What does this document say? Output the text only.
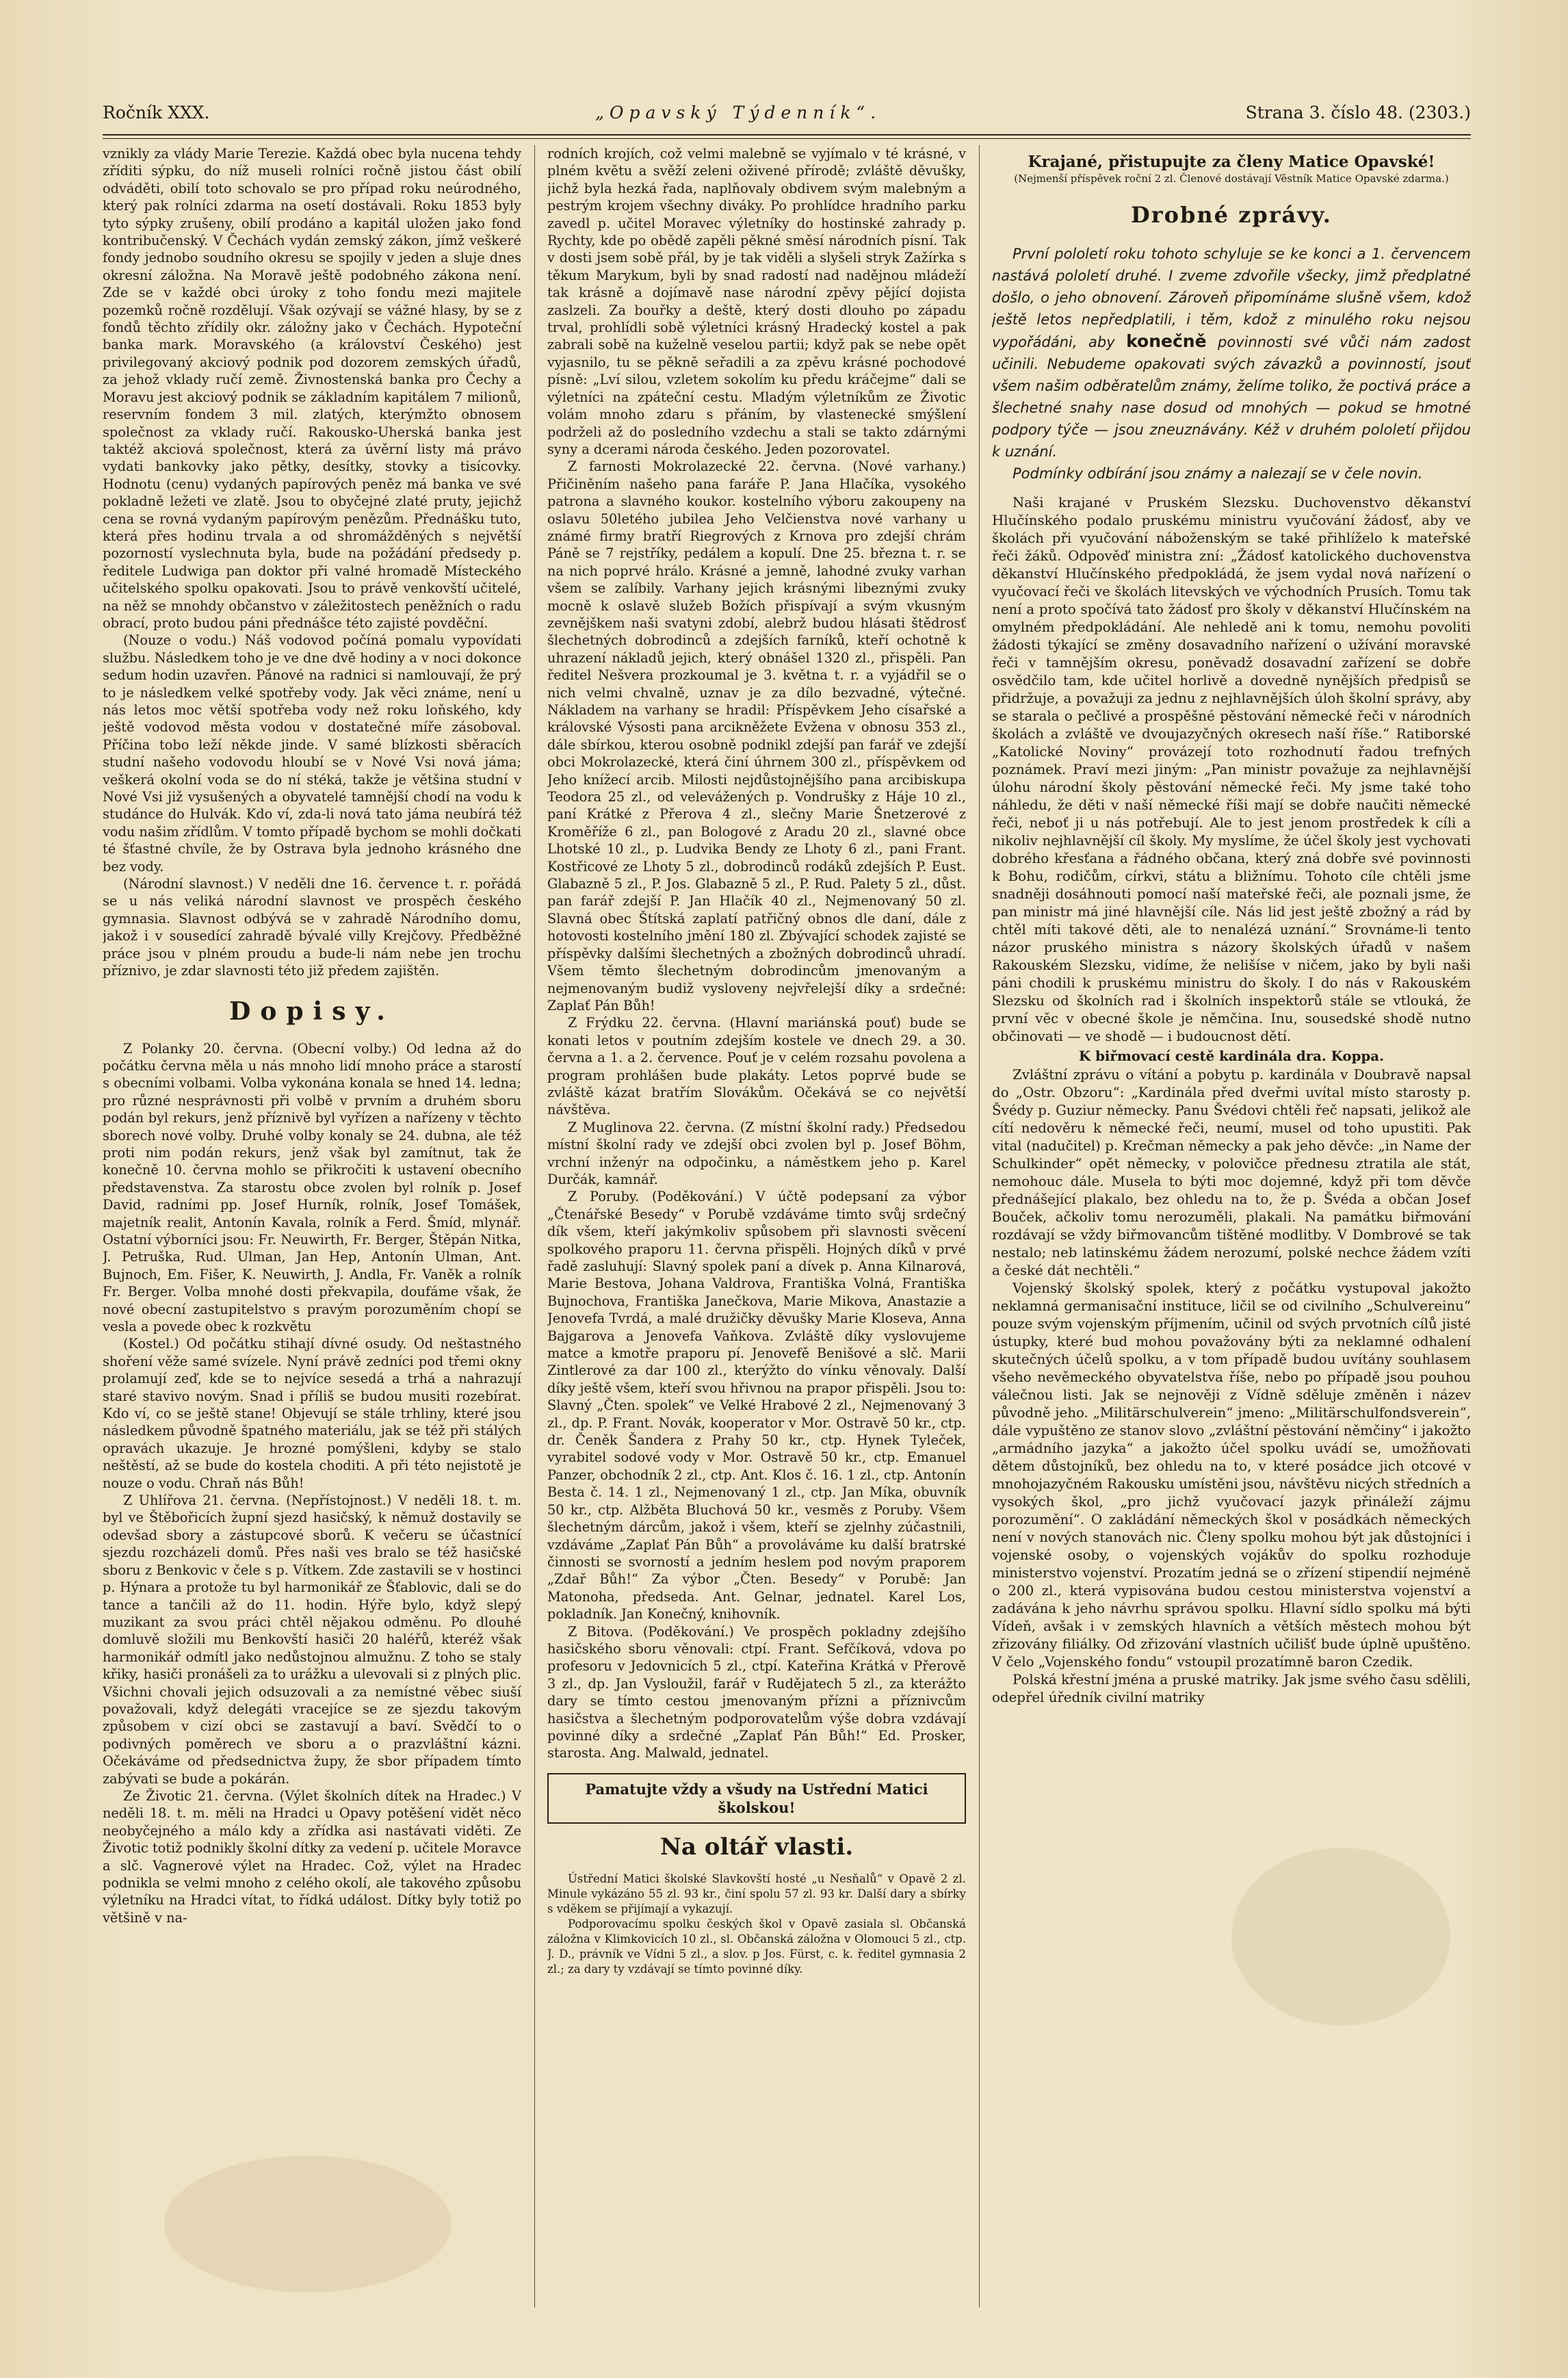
Ročník XXX.	„Opavský Týdenník“.	Strana 3. číslo 48. (2303.)

vznikly za vlády Marie Terezie. Každá obec byla nucena tehdy zříditi sýpku, do níž museli rolníci ročně jistou část obilí odváděti, obilí toto schovalo se pro případ roku neúrodného, který pak rolníci zdarma na osetí dostávali. Roku 1853 byly tyto sýpky zrušeny, obilí prodáno a kapitál uložen jako fond kontribučenský. V Čechách vydán zemský zákon, jímž veškeré fondy jednobo soudního okresu se spojily v jeden a sluje dnes okresní záložna. Na Moravě ještě podobného zákona není. Zde se v každé obci úroky z toho fondu mezi majitele pozemků ročně rozdělují. Však ozývají se vážné hlasy, by se z fondů těchto zřídily okr. záložny jako v Čechách. Hypoteční banka mark. Moravského (a království Českého) jest privilegovaný akciový podnik pod dozorem zemských úřadů, za jehož vklady ručí země. Živnostenská banka pro Čechy a Moravu jest akciový podnik se základním kapitálem 7 milionů, reservním fondem 3 mil. zlatých, kterýmžto obnosem společnost za vklady ručí. Rakousko-Uherská banka jest taktéž akciová společnost, která za úvěrní listy má právo vydati bankovky jako pětky, desítky, stovky a tisícovky. Hodnotu (cenu) vydaných papírových peněz má banka ve své pokladně ležeti ve zlatě. Jsou to obyčejné zlaté pruty, jejichž cena se rovná vydaným papírovým penězům. Přednášku tuto, která přes hodinu trvala a od shromážděných s největší pozorností vyslechnuta byla, bude na požádání předsedy p. ředitele Ludwiga pan doktor při valné hromadě Místeckého učitelského spolku opakovati. Jsou to právě venkovští učitelé, na něž se mnohdy občanstvo v záležitostech peněžních o radu obrací, proto budou páni přednášce této zajisté povděční.

(Nouze o vodu.) Náš vodovod počíná pomalu vypovídati službu. Následkem toho je ve dne dvě hodiny a v noci dokonce sedum hodin uzavřen. Pánové na radnici si namlouvají, že prý to je následkem velké spotřeby vody. Jak věci známe, není u nás letos moc větší spotřeba vody než roku loňského, kdy ještě vodovod města vodou v dostatečné míře zásoboval. Příčina tobo leží někde jinde. V samé blízkosti sběracích studní našeho vodovodu hloubí se v Nové Vsi nová jáma; veškerá okolní voda se do ní stéká, takže je většina studní v Nové Vsi již vysušených a obyvatelé tamnější chodí na vodu k studánce do Hulvák. Kdo ví, zda-li nová tato jáma neubírá též vodu našim zřídlům. V tomto případě bychom se mohli dočkati té šťastné chvíle, že by Ostrava byla jednoho krásného dne bez vody.

(Národní slavnost.) V neděli dne 16. července t. r. pořádá se u nás veliká národní slavnost ve prospěch českého gymnasia. Slavnost odbývá se v zahradě Národního domu, jakož i v sousedící zahradě bývalé villy Krejčovy. Předběžné práce jsou v plném proudu a bude-li nám nebe jen trochu příznivo, je zdar slavnosti této již předem zajištěn.

Dopisy.

Z Polanky 20. června. (Obecní volby.) Od ledna až do počátku června měla u nás mnoho lidí mnoho práce a starostí s obecními volbami. Volba vykonána konala se hned 14. ledna; pro různé nesprávnosti při volbě v prvním a druhém sboru podán byl rekurs, jenž příznivě byl vyřízen a nařízeny v těchto sborech nové volby. Druhé volby konaly se 24. dubna, ale též proti nim podán rekurs, jenž však byl zamítnut, tak že konečně 10. června mohlo se přikročiti k ustavení obecního představenstva. Za starostu obce zvolen byl rolník p. Josef David, radními pp. Josef Hurník, rolník, Josef Tomášek, majetník realit, Antonín Kavala, rolník a Ferd. Šmíd, mlynář. Ostatní výborníci jsou: Fr. Neuwirth, Fr. Berger, Štěpán Nitka, J. Petruška, Rud. Ulman, Jan Hep, Antonín Ulman, Ant. Bujnoch, Em. Fišer, K. Neuwirth, J. Andla, Fr. Vaněk a rolník Fr. Berger. Volba mnohé dosti překvapila, doufáme však, že nové obecní zastupitelstvo s pravým porozuměním chopí se vesla a povede obec k rozkvětu

(Kostel.) Od počátku stihají dívné osudy. Od neštastného shoření věže samé svízele. Nyní právě zedníci pod třemi okny prolamují zeď, kde se to nejvíce sesedá a trhá a nahrazují staré stavivo novým. Snad i příliš se budou musiti rozebírat. Kdo ví, co se ještě stane! Objevují se stále trhliny, které jsou následkem původně špatného materiálu, jak se též při stálých opravách ukazuje. Je hrozné pomýšleni, kdyby se stalo neštěstí, až se bude do kostela choditi. A při této nejistotě je nouze o vodu. Chraň nás Bůh!

Z Uhlířova 21. června. (Nepřístojnost.) V neděli 18. t. m. byl ve Štěbořicích župní sjezd hasičský, k němuž dostavily se odevšad sbory a zástupcové sborů. K večeru se účastnící sjezdu rozcházeli domů. Přes naši ves bralo se též hasičské sboru z Benkovic v čele s p. Vítkem. Zde zastavili se v hostinci p. Hýnara a protože tu byl harmonikář ze Šťablovic, dali se do tance a tančili až do 11. hodin. Hýře bylo, když slepý muzikant za svou práci chtěl nějakou odměnu. Po dlouhé domluvě složili mu Benkovští hasiči 20 haléřů, kteréž však harmonikář odmítl jako nedůstojnou almužnu. Z toho se staly křiky, hasiči pronášeli za to urážku a ulevovali si z plných plic. Všichni chovali jejich odsuzovali a za nemístné věbec siuší považovali, když delegáti vracejíce se ze sjezdu takovým způsobem v cizí obci se zastavují a baví. Svědčí to o podivných poměrech ve sboru a o prazvláštní kázni. Očekáváme od předsednictva župy, že sbor případem tímto zabývati se bude a pokárán.

Ze Životic 21. června. (Výlet školních dítek na Hradec.) V neděli 18. t. m. měli na Hradci u Opavy potěšení vidět něco neobyčejného a málo kdy a zřídka asi nastávati viděti. Ze Životic totiž podnikly školní dítky za vedení p. učitele Moravce a slč. Vagnerové výlet na Hradec. Což, výlet na Hradec podnikla se velmi mnoho z celého okolí, ale takového způsobu výletníku na Hradci vítat, to řídká událost. Dítky byly totiž po většině v na-

rodních krojích, což velmi malebně se vyjímalo v té krásné, v plném květu a svěží zeleni oživené přírodě; zvláště děvušky, jichž byla hezká řada, naplňovaly obdivem svým malebným a pestrým krojem všechny diváky. Po prohlídce hradního parku zavedl p. učitel Moravec výletníky do hostinské zahrady p. Rychty, kde po obědě zapěli pěkné směsí národních písní. Tak v dosti jsem sobě přál, by je tak viděli a slyšeli stryk Zažírka s těkum Marykum, byli by snad radostí nad nadějnou mládeží tak krásně a dojímavě nase národní zpěvy pějící dojista zaslzeli. Za bouřky a deště, který dosti dlouho po západu trval, prohlídli sobě výletníci krásný Hradecký kostel a pak zabrali sobě na kuželně veselou partii; když pak se nebe opět vyjasnilo, tu se pěkně seřadili a za zpěvu krásné pochodové písně: „Lví silou, vzletem sokolím ku předu kráčejme“ dali se výletníci na zpáteční cestu. Mladým výletníkům ze Životic volám mnoho zdaru s přáním, by vlastenecké smýšlení podrželi až do posledního vzdechu a stali se takto zdárnými syny a dcerami národa českého. Jeden pozorovatel.

Z farnosti Mokrolazecké 22. června. (Nové varhany.) Přičiněním našeho pana faráře P. Jana Hlačíka, vysokého patrona a slavného koukor. kostelního výboru zakoupeny na oslavu 50letého jubilea Jeho Velčienstva nové varhany u známé firmy bratří Riegrových z Krnova pro zdejší chrám Páně se 7 rejstříky, pedálem a kopulí. Dne 25. března t. r. se na nich poprvé hrálo. Krásné a jemně, lahodné zvuky varhan všem se zalíbily. Varhany jejich krásnými libeznými zvuky mocně k oslavě služeb Božích přispívají a svým vkusným zevnějškem naši svatyni zdobí, alebrž budou hlásati štědrosť šlechetných dobrodinců a zdejších farníků, kteří ochotně k uhrazení nákladů jejich, který obnášel 1320 zl., přispěli. Pan ředitel Nešvera prozkoumal je 3. května t. r. a vyjádřil se o nich velmi chvalně, uznav je za dílo bezvadné, výtečné. Nákladem na varhany se hradil: Příspěvkem Jeho císařské a královské Výsosti pana arcikněžete Evžena v obnosu 353 zl., dále sbírkou, kterou osobně podnikl zdejší pan farář ve zdejší obci Mokrolazecké, která činí úhrnem 300 zl., příspěvkem od Jeho knížecí arcib. Milosti nejdůstojnějšího pana arcibiskupa Teodora 25 zl., od velevážených p. Vondrušky z Háje 10 zl., paní Krátké z Přerova 4 zl., slečny Marie Šnetzerové z Kroměříže 6 zl., pan Bologové z Aradu 20 zl., slavné obce Lhotské 10 zl., p. Ludvika Bendy ze Lhoty 6 zl., pani Frant. Kostřicové ze Lhoty 5 zl., dobrodinců rodáků zdejších P. Eust. Glabazně 5 zl., P. Jos. Glabazně 5 zl., P. Rud. Palety 5 zl., důst. pan farář zdejší P. Jan Hlačík 40 zl., Nejmenovaný 50 zl. Slavná obec Štítská zaplatí patřičný obnos dle daní, dále z hotovosti kostelního jmění 180 zl. Zbývající schodek zajisté se příspěvky dalšími šlechetných a zbožných dobrodinců uhradí. Všem těmto šlechetným dobrodincům jmenovaným a nejmenovaným budiž vysloveny nejvřelejší díky a srdečné: Zaplať Pán Bůh!

Z Frýdku 22. června. (Hlavní mariánská pouť) bude se konati letos v poutním zdejším kostele ve dnech 29. a 30. června a 1. a 2. července. Pouť je v celém rozsahu povolena a program prohlášen bude plakáty. Letos poprvé bude se zvláště kázat bratřím Slovákům. Očekává se co největší návštěva.

Z Muglinova 22. června. (Z místní školní rady.) Předsedou místní školní rady ve zdejší obci zvolen byl p. Josef Böhm, vrchní inženýr na odpočinku, a náměstkem jeho p. Karel Durčák, kamnář.

Z Poruby. (Poděkování.) V účtě podepsaní za výbor „Čtenářské Besedy“ v Porubě vzdáváme timto svůj srdečný dík všem, kteří jakýmkoliv spůsobem při slavnosti svěcení spolkového praporu 11. června přispěli. Hojných díků v prvé řadě zasluhují: Slavný spolek paní a dívek p. Anna Kilnarová, Marie Bestova, Johana Valdrova, Františka Volná, Františka Bujnochova, Františka Janečkova, Marie Mikova, Anastazie a Jenovefa Tvrdá, a malé družičky děvušky Marie Kloseva, Anna Bajgarova a Jenovefa Vaňkova. Zvláště díky vyslovujeme matce a kmotře praporu pí. Jenovefě Benišové a slč. Marii Zintlerové za dar 100 zl., kterýžto do vínku věnovaly. Další díky ještě všem, kteří svou hřivnou na prapor přispěli. Jsou to: Slavný „Čten. spolek“ ve Velké Hrabové 2 zl., Nejmenovaný 3 zl., dp. P. Frant. Novák, kooperator v Mor. Ostravě 50 kr., ctp. dr. Čeněk Šandera z Prahy 50 kr., ctp. Hynek Tyleček, vyrabitel sodové vody v Mor. Ostravě 50 kr., ctp. Emanuel Panzer, obchodník 2 zl., ctp. Ant. Klos č. 16. 1 zl., ctp. Antonín Besta č. 14. 1 zl., Nejmenovaný 1 zl., ctp. Jan Míka, obuvník 50 kr., ctp. Alžběta Bluchová 50 kr., vesměs z Poruby. Všem šlechetným dárcům, jakož i všem, kteří se zjelnhy zúčastnili, vzdáváme „Zaplať Pán Bůh“ a provoláváme ku další bratrské činnosti se svorností a jedním heslem pod novým praporem „Zdař Bůh!“ Za výbor „Čten. Besedy“ v Porubě: Jan Matonoha, předseda. Ant. Gelnar, jednatel. Karel Los, pokladník. Jan Konečný, knihovník.

Z Bitova. (Poděkování.) Ve prospěch pokladny zdejšího hasičského sboru věnovali: ctpí. Frant. Sefčíková, vdova po profesoru v Jedovnicích 5 zl., ctpí. Kateřina Krátká v Přerově 3 zl., dp. Jan Vysloužil, farář v Rudějatech 5 zl., za kterážto dary se tímto cestou jmenovaným přízni a příznivcům hasičstva a šlechetným podporovatelům výše dobra vzdávají povinné díky a srdečné „Zaplať Pán Bůh!“ Ed. Prosker, starosta. Ang. Malwald, jednatel.

Pamatujte vždy a všudy na Ustřední Matici školskou!
Na oltář vlasti.

Ústřední Matici školské Slavkovští hosté „u Nesňalů“ v Opavě 2 zl. Minule vykázáno 55 zl. 93 kr., činí spolu 57 zl. 93 kr. Další dary a sbírky s vděkem se přijímají a vykazují.

Podporovacímu spolku českých škol v Opavě zasiala sl. Občanská záložna v Klimkovicích 10 zl., sl. Občanská záložna v Olomouci 5 zl., ctp. J. D., právník ve Vídni 5 zl., a slov. p Jos. Fürst, c. k. ředitel gymnasia 2 zl.; za dary ty vzdávají se tímto povinné díky.

Krajané, přistupujte za členy Matice Opavské!
(Nejmenší příspěvek roční 2 zl. Členové dostávají Věstník Matice Opavské zdarma.)
Drobné zprávy.

První pololetí roku tohoto schyluje se ke konci a 1. červencem nastává pololetí druhé. I zveme zdvořile všecky, jimž předplatné došlo, o jeho obnovení. Zároveň připomínáme slušně všem, kdož ještě letos nepředplatili, i těm, kdož z minulého roku nejsou vypořádáni, aby konečně povinnosti své vůči nám zadost učinili. Nebudeme opakovati svých závazků a povinností, jsouť všem našim odběratelům známy, želíme toliko, že poctivá práce a šlechetné snahy nase dosud od mnohých — pokud se hmotné podpory týče — jsou zneuznávány. Kéž v druhém pololetí přijdou k uznání.

Podmínky odbírání jsou známy a nalezají se v čele novin.

Naši krajané v Pruském Slezsku. Duchovenstvo děkanství Hlučínského podalo pruskému ministru vyučování žádosť, aby ve školách při vyučování náboženským se také přihlíželo k mateřské řeči žáků. Odpověď ministra zní: „Žádosť katolického duchovenstva děkanství Hlučínského předpokládá, že jsem vydal nová nařízení o vyučovací řeči ve školách litevských ve východních Prusích. Tomu tak není a proto spočívá tato žádosť pro školy v děkanství Hlučínském na omylném předpokládání. Ale nehledě ani k tomu, nemohu povoliti žádosti týkající se změny dosavadního nařízení o užívání moravské řeči v tamnějším okresu, poněvadž dosavadní zařízení se dobře osvědčilo tam, kde učitel horlivě a dovedně nynějších předpisů se přidržuje, a považuji za jednu z nejhlavnějších úloh školní správy, aby se starala o pečlivé a prospěšné pěstování německé řeči v národních školách a zvláště ve dvoujazyčných okresech naší říše.“ Ratiborské „Katolické Noviny“ provázejí toto rozhodnutí řadou trefných poznámek. Praví mezi jiným: „Pan ministr považuje za nejhlavnější úlohu národní školy pěstování německé řeči. My jsme také toho náhledu, že děti v naší německé říši mají se dobře naučiti německé řeči, neboť ji u nás potřebují. Ale to jest jenom prostředek k cíli a nikoliv nejhlavnější cíl školy. My myslíme, že účel školy jest vychovati dobrého křesťana a řádného občana, který zná dobře své povinnosti k Bohu, rodičům, církvi, státu a bližnímu. Tohoto cíle chtěli jsme snadněji dosáhnouti pomocí naší mateřské řeči, ale poznali jsme, že pan ministr má jiné hlavnější cíle. Nás lid jest ještě zbožný a rád by chtěl míti takové děti, ale to nenalézá uznání.“ Srovnáme-li tento názor pruského ministra s názory školských úřadů v našem Rakouském Slezsku, vidíme, že nelišíse v ničem, jako by byli naši páni chodili k pruskému ministru do školy. I do nás v Rakouském Slezsku od školních rad i školních inspektorů stále se vtlouká, že první věc v obecné škole je němčina. Inu, sousedské shodě nutno občinovati — ve shodě — i budoucnost dětí.

K biřmovací cestě kardinála dra. Koppa.

Zvláštní zprávu o vítání a pobytu p. kardinála v Doubravě napsal do „Ostr. Obzoru“: „Kardinála před dveřmi uvítal místo starosty p. Švédy p. Guziur německy. Panu Švédovi chtěli řeč napsati, jelikož ale cítí nedověru k německé řeči, neumí, musel od toho upustiti. Pak vital (nadučitel) p. Krečman německy a pak jeho děvče: „in Name der Schulkinder“ opět německy, v polovičce přednesu ztratila ale stát, nemohouc dále. Musela to býti moc dojemné, když při tom děvče přednášející plakalo, bez ohledu na to, že p. Švéda a občan Josef Bouček, ačkoliv tomu nerozuměli, plakali. Na památku biřmování rozdávají se vždy biřmovancům tištěné modlitby. V Dombrové se tak nestalo; neb latinskému žádem nerozumí, polské nechce žádem vzíti a české dát nechtěli.“

Vojenský školský spolek, který z počátku vystupoval jakožto neklamná germanisační instituce, ličil se od civilního „Schulvereinu“ pouze svým vojenským příjmením, učinil od svých prvotních cílů jisté ústupky, které bud mohou považovány býti za neklamné odhalení skutečných účelů spolku, a v tom případě budou uvítány souhlasem všeho nevěmeckého obyvatelstva říše, nebo po případě jsou pouhou válečnou listi. Jak se nejnověji z Vídně sděluje změněn i název původně jeho. „Militärschulverein“ jmeno: „Militärschulfondsverein“, dále vypuštěno ze stanov slovo „zvláštní pěstování němčiny“ i jakožto „armádního jazyka“ a jakožto účel spolku uvádí se, umožňovati dětem důstojníků, bez ohledu na to, v které posádce jich otcové v mnohojazyčném Rakousku umístěni jsou, návštěvu nicých středních a vysokých škol, „pro jichž vyučovací jazyk přináleží zájmu porozumění“. O zakládání německých škol v posádkách německých není v nových stanovách nic. Členy spolku mohou být jak důstojníci i vojenské osoby, o vojenských vojákův do spolku rozhoduje ministerstvo vojenství. Prozatím jedná se o zřízení stipendií nejméně o 200 zl., která vypisována budou cestou ministerstva vojenství a zadávána k jeho návrhu správou spolku. Hlavní sídlo spolku má býti Vídeň, avšak i v zemských hlavních a větších městech mohou být zřizovány filiálky. Od zřizování vlastních učilišť bude úplně upuštěno. V čelo „Vojenského fondu“ vstoupil prozatímně baron Czedik.

Polská křestní jména a pruské matriky. Jak jsme svého času sdělili, odepřel úředník civilní matriky
